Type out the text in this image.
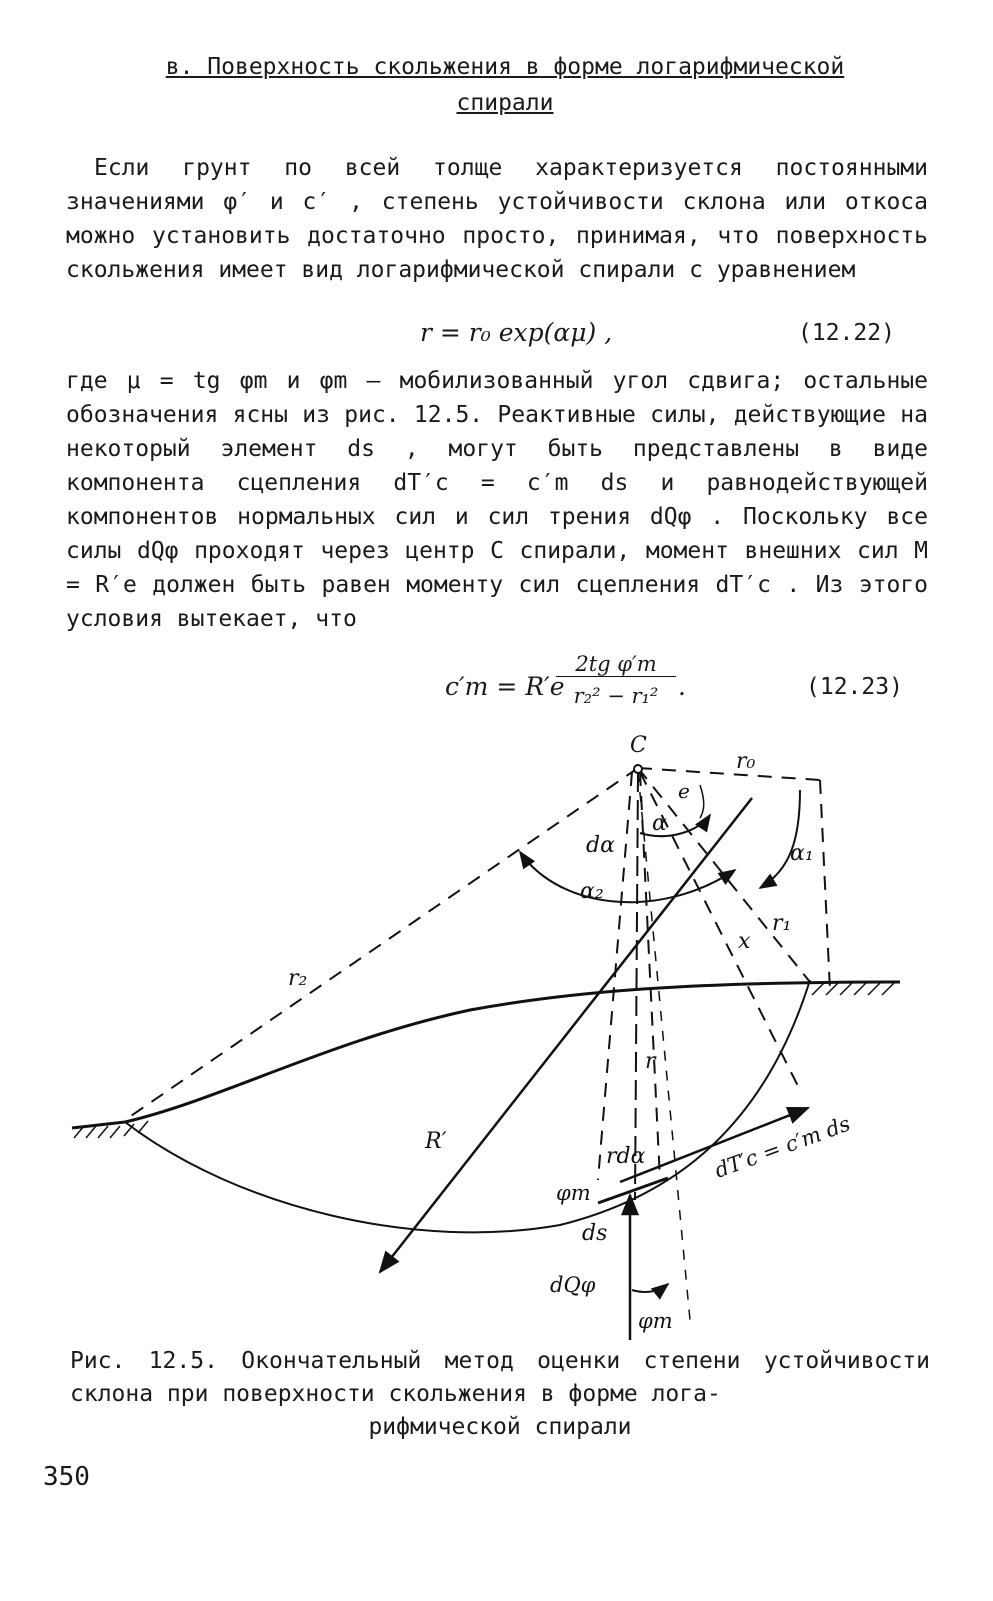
в. Поверхность скольжения в форме логарифмической
спирали
Если грунт по всей толще характеризуется постоянными значениями φ′ и c′ , степень устойчивости склона или откоса можно установить достаточно просто, принимая, что поверхность скольжения имеет вид логарифмической спирали с уравнением
r = r₀ exp(αμ) ,	(12.22)
где μ = tg φm и φm – мобилизованный угол сдвига; остальные обозначения ясны из рис. 12.5. Реактивные силы, действующие на некоторый элемент ds , могут быть представлены в виде компонента сцепления dT′c = c′m ds и равнодействующей компонентов нормальных сил и сил трения dQφ . Поскольку все силы dQφ проходят через центр C спирали, момент внешних сил M = R′e должен быть равен моменту сил сцепления dT′c . Из этого условия вытекает, что
c′m = R′e
2tg φ′m
r₂² − r₁² .	(12.23)
C
r₀
e
α
α₁
α₂
dα
r₁
r₂
r
x
R′
rdα
φm
ds
dQφ
φm
dT′c = c′m ds
Рис. 12.5. Окончательный метод оценки степени устойчивости склона при поверхности скольжения в форме лога-
рифмической спирали
350
